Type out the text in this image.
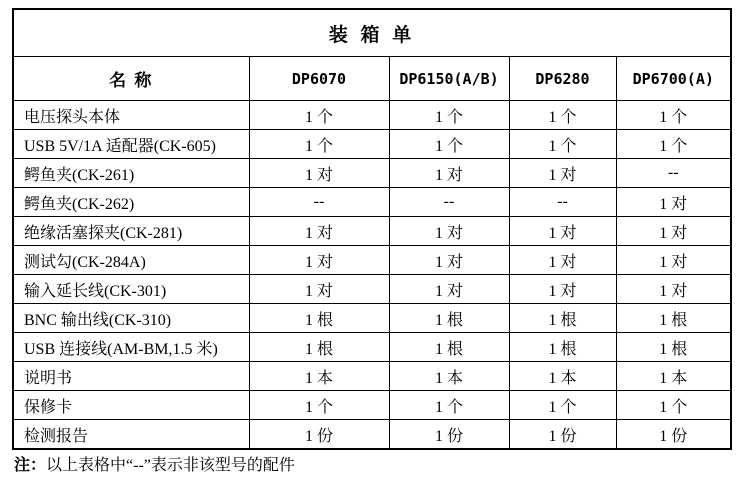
装 箱 单				
名 称	DP6070	DP6150(A/B)	DP6280	DP6700(A)
电压探头本体	1 个	1 个	1 个	1 个
USB 5V/1A 适配器(CK-605)	1 个	1 个	1 个	1 个
鳄鱼夹(CK-261)	1 对	1 对	1 对	--
鳄鱼夹(CK-262)	--	--	--	1 对
绝缘活塞探夹(CK-281)	1 对	1 对	1 对	1 对
测试勾(CK-284A)	1 对	1 对	1 对	1 对
输入延长线(CK-301)	1 对	1 对	1 对	1 对
BNC 输出线(CK-310)	1 根	1 根	1 根	1 根
USB 连接线(AM-BM,1.5 米)	1 根	1 根	1 根	1 根
说明书	1 本	1 本	1 本	1 本
保修卡	1 个	1 个	1 个	1 个
检测报告	1 份	1 份	1 份	1 份

注：以上表格中“--”表示非该型号的配件
